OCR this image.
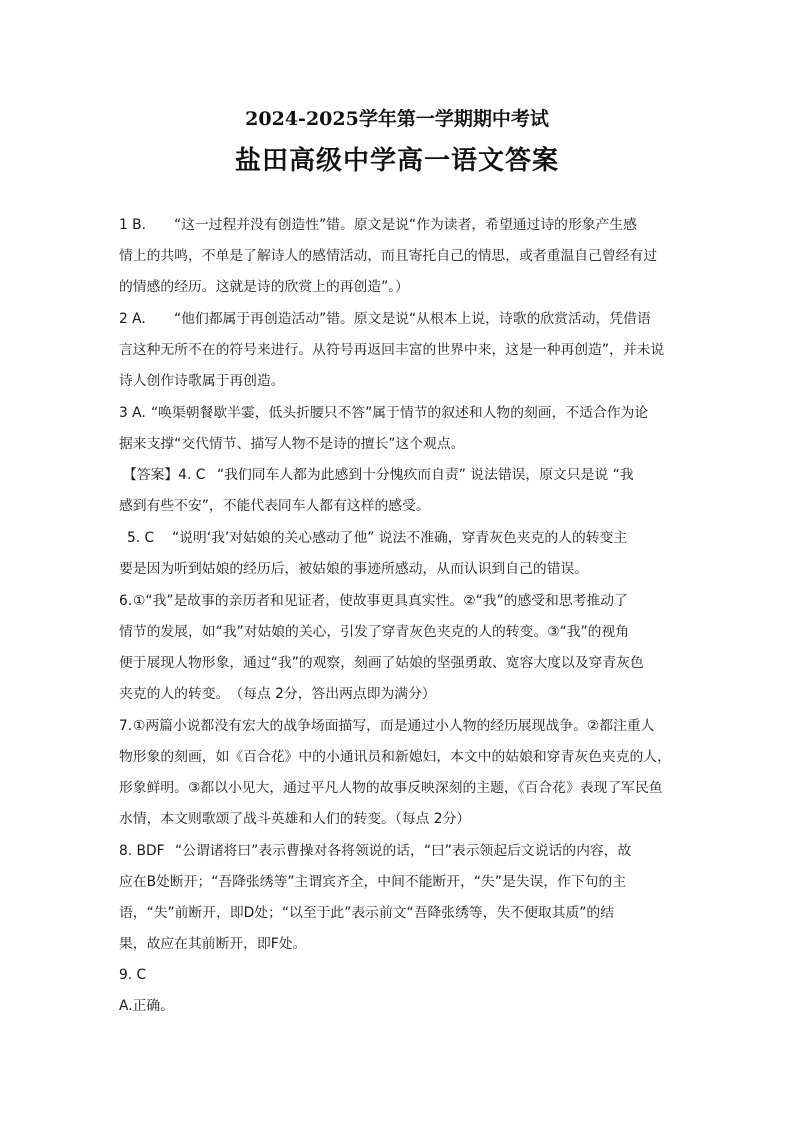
2024-2025学年第一学期期中考试
盐田高级中学高一语文答案
1 B. “这一过程并没有创造性”错。原文是说“作为读者，希望通过诗的形象产生感
情上的共鸣，不单是了解诗人的感情活动，而且寄托自己的情思，或者重温自己曾经有过
的情感的经历。这就是诗的欣赏上的再创造”。）
2 A. “他们都属于再创造活动”错。原文是说“从根本上说，诗歌的欣赏活动，凭借语
言这种无所不在的符号来进行。从符号再返回丰富的世界中来，这是一种再创造”，并未说
诗人创作诗歌属于再创造。
3 A. “唤渠朝餐歇半霎，低头折腰只不答”属于情节的叙述和人物的刻画，不适合作为论
据来支撑“交代情节、描写人物不是诗的擅长”这个观点。
【答案】4. C “我们同车人都为此感到十分愧疚而自责” 说法错误，原文只是说 “我
感到有些不安”，不能代表同车人都有这样的感受。
5. C “说明‘我’对姑娘的关心感动了他” 说法不准确，穿青灰色夹克的人的转变主
要是因为听到姑娘的经历后，被姑娘的事迹所感动，从而认识到自己的错误。
6.①“我”是故事的亲历者和见证者，使故事更具真实性。②“我”的感受和思考推动了
情节的发展，如“我”对姑娘的关心，引发了穿青灰色夹克的人的转变。③“我”的视角
便于展现人物形象，通过“我”的观察，刻画了姑娘的坚强勇敢、宽容大度以及穿青灰色
夹克的人的转变。　（每点 2分，答出两点即为满分）
7.①两篇小说都没有宏大的战争场面描写，而是通过小人物的经历展现战争。②都注重人
物形象的刻画，如《百合花》中的小通讯员和新媳妇，本文中的姑娘和穿青灰色夹克的人，
形象鲜明。③都以小见大，通过平凡人物的故事反映深刻的主题，《百合花》表现了军民鱼
水情，本文则歌颂了战斗英雄和人们的转变。（每点 2分）
8. BDF “公谓诸将曰”表示曹操对各将领说的话，“曰”表示领起后文说话的内容，故
应在B处断开；“吾降张绣等”主谓宾齐全，中间不能断开，“失”是失误，作下句的主
语，“失”前断开，即D处；“以至于此”表示前文“吾降张绣等，失不便取其质”的结
果，故应在其前断开，即F处。
9. C
A.正确。
